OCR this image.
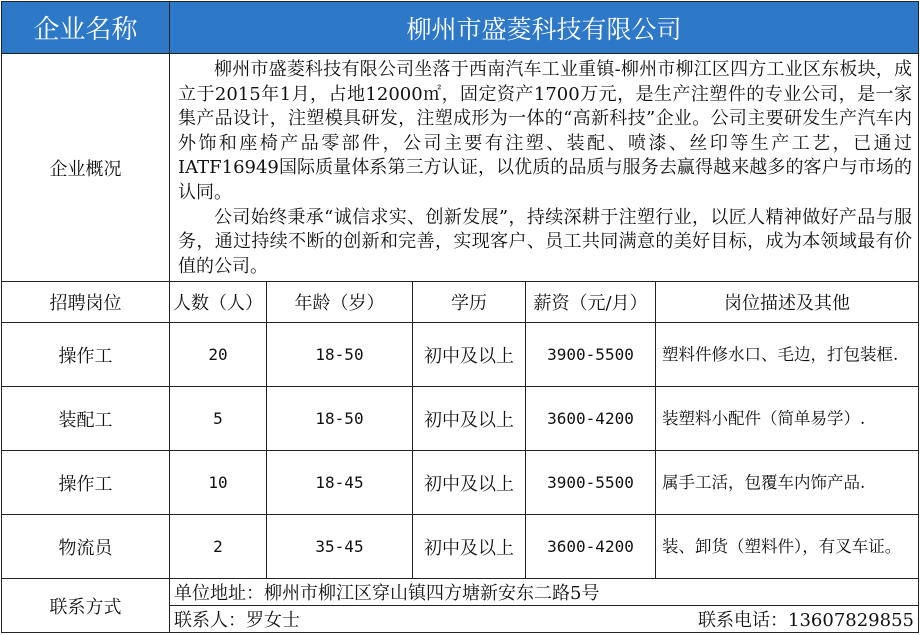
企业名称	柳州市盛菱科技有限公司				
企业概况	柳州市盛菱科技有限公司坐落于西南汽车工业重镇-柳州市柳江区四方工业区东板块，成立于2015年1月，占地12000㎡，固定资产1700万元，是生产注塑件的专业公司，是一家集产品设计，注塑模具研发，注塑成形为一体的“高新科技”企业。公司主要研发生产汽车内外饰和座椅产品零部件，公司主要有注塑、装配、喷漆、丝印等生产工艺，已通过IATF16949国际质量体系第三方认证，以优质的品质与服务去赢得越来越多的客户与市场的认同。

公司始终秉承“诚信求实、创新发展”，持续深耕于注塑行业，以匠人精神做好产品与服务，通过持续不断的创新和完善，实现客户、员工共同满意的美好目标，成为本领域最有价值的公司。				

招聘岗位	人数（人）	年龄（岁）	学历	薪资（元/月）	岗位描述及其他
操作工	20	18-50	初中及以上	3900-5500	塑料件修水口、毛边，打包装框.
装配工	5	18-50	初中及以上	3600-4200	装塑料小配件（简单易学）.
操作工	10	18-45	初中及以上	3900-5500	属手工活，包覆车内饰产品.
物流员	2	35-45	初中及以上	3600-4200	装、卸货（塑料件），有叉车证。
联系方式	单位地址：柳州市柳江区穿山镇四方塘新安东二路5号				

	联系人：罗女士 联系电话：13607829855				
